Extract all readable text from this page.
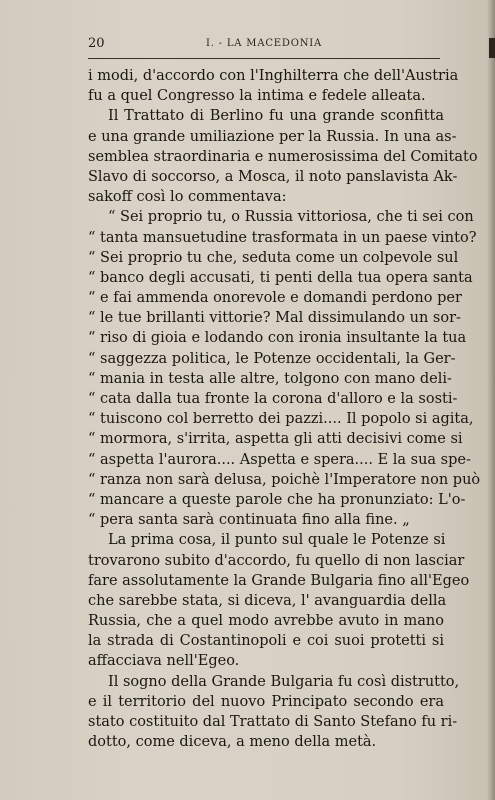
20	I. - LA MACEDONIA
i modi, d'accordo con l'Inghilterra che dell'Austria
fu a quel Congresso la intima e fedele alleata.
Il Trattato di Berlino fu una grande sconfitta
e una grande umiliazione per la Russia. In una as-
semblea straordinaria e numerosissima del Comitato
Slavo di soccorso, a Mosca, il noto panslavista Ak-
sakoff così lo commentava:
“ Sei proprio tu, o Russia vittoriosa, che ti sei con
“ tanta mansuetudine trasformata in un paese vinto?
“ Sei proprio tu che, seduta come un colpevole sul
“ banco degli accusati, ti penti della tua opera santa
“ e fai ammenda onorevole e domandi perdono per
“ le tue brillanti vittorie? Mal dissimulando un sor-
“ riso di gioia e lodando con ironia insultante la tua
“ saggezza politica, le Potenze occidentali, la Ger-
“ mania in testa alle altre, tolgono con mano deli-
“ cata dalla tua fronte la corona d'alloro e la sosti-
“ tuiscono col berretto dei pazzi.... Il popolo si agita,
“ mormora, s'irrita, aspetta gli atti decisivi come si
“ aspetta l'aurora.... Aspetta e spera.... E la sua spe-
“ ranza non sarà delusa, poichè l'Imperatore non può
“ mancare a queste parole che ha pronunziato: L'o-
“ pera santa sarà continuata fino alla fine. „
La prima cosa, il punto sul quale le Potenze si
trovarono subito d'accordo, fu quello di non lasciar
fare assolutamente la Grande Bulgaria fino all'Egeo
che sarebbe stata, si diceva, l' avanguardia della
Russia, che a quel modo avrebbe avuto in mano
la strada di Costantinopoli e coi suoi protetti si
affacciava nell'Egeo.
Il sogno della Grande Bulgaria fu così distrutto,
e il territorio del nuovo Principato secondo era
stato costituito dal Trattato di Santo Stefano fu ri-
dotto, come diceva, a meno della metà.
